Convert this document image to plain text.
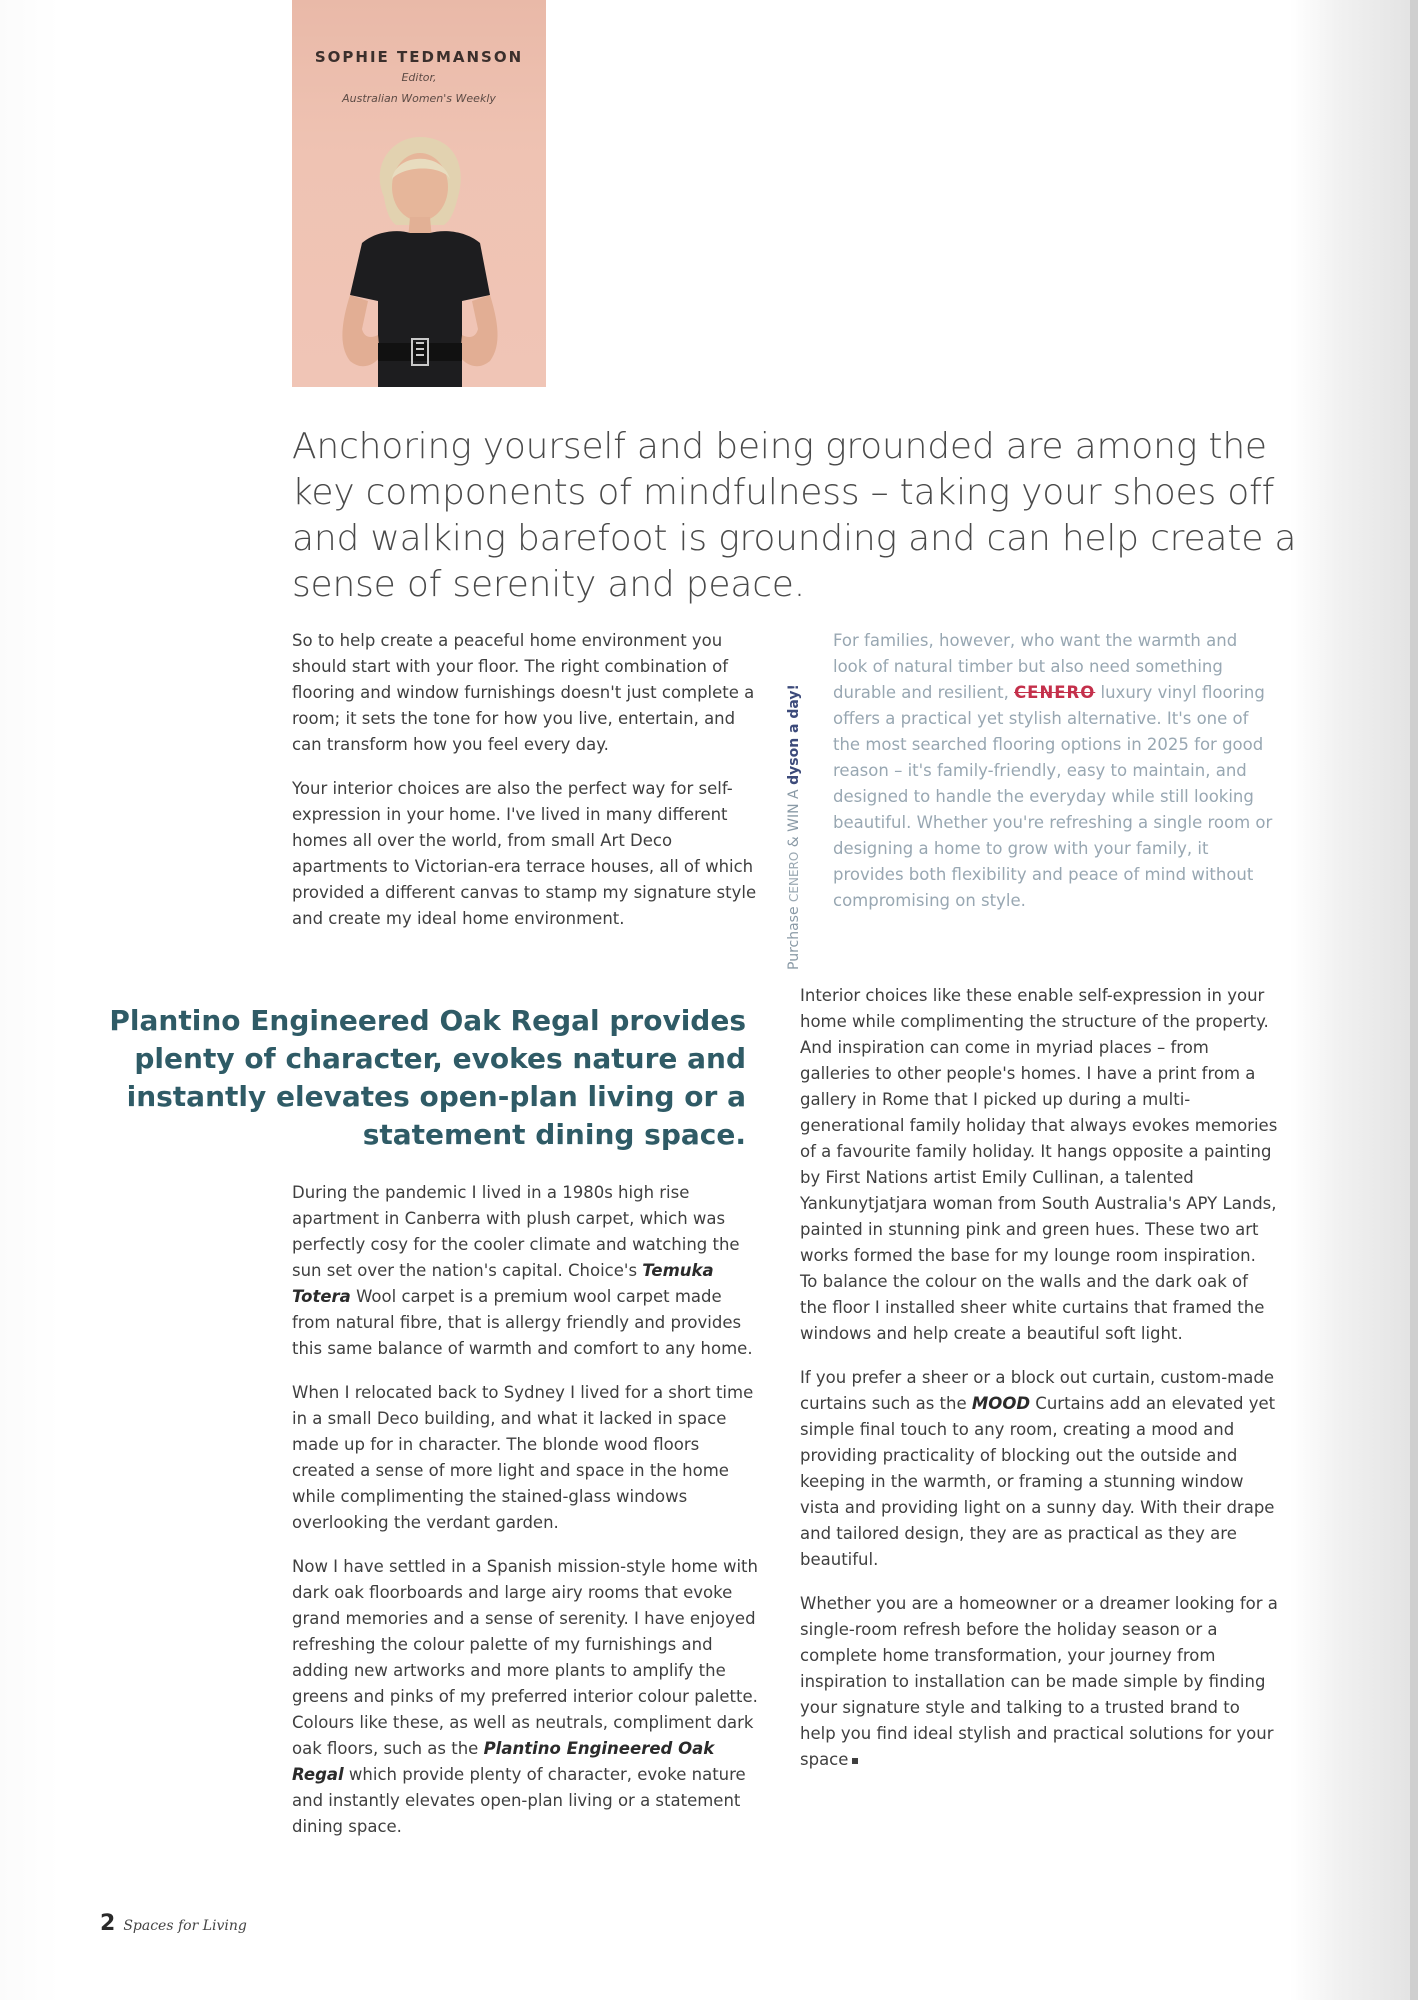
SOPHIE TEDMANSON
Editor,
Australian Women's Weekly

Anchoring yourself and being grounded are among the key components of mindfulness – taking your shoes off and walking barefoot is grounding and can help create a sense of serenity and peace.

So to help create a peaceful home environment you should start with your floor. The right combination of flooring and window furnishings doesn't just complete a room; it sets the tone for how you live, entertain, and can transform how you feel every day.

Your interior choices are also the perfect way for self-expression in your home. I've lived in many different homes all over the world, from small Art Deco apartments to Victorian-era terrace houses, all of which provided a different canvas to stamp my signature style and create my ideal home environment.

Plantino Engineered Oak Regal provides plenty of character, evokes nature and instantly elevates open-plan living or a statement dining space.

During the pandemic I lived in a 1980s high rise apartment in Canberra with plush carpet, which was perfectly cosy for the cooler climate and watching the sun set over the nation's capital. Choice's Temuka Totera Wool carpet is a premium wool carpet made from natural fibre, that is allergy friendly and provides this same balance of warmth and comfort to any home.

When I relocated back to Sydney I lived for a short time in a small Deco building, and what it lacked in space made up for in character. The blonde wood floors created a sense of more light and space in the home while complimenting the stained-glass windows overlooking the verdant garden.

Now I have settled in a Spanish mission-style home with dark oak floorboards and large airy rooms that evoke grand memories and a sense of serenity. I have enjoyed refreshing the colour palette of my furnishings and adding new artworks and more plants to amplify the greens and pinks of my preferred interior colour palette. Colours like these, as well as neutrals, compliment dark oak floors, such as the Plantino Engineered Oak Regal which provide plenty of character, evoke nature and instantly elevates open-plan living or a statement dining space.

Purchase CENERO & WIN A dyson a day!

For families, however, who want the warmth and look of natural timber but also need something durable and resilient, CENERO luxury vinyl flooring offers a practical yet stylish alternative. It's one of the most searched flooring options in 2025 for good reason – it's family-friendly, easy to maintain, and designed to handle the everyday while still looking beautiful. Whether you're refreshing a single room or designing a home to grow with your family, it provides both flexibility and peace of mind without compromising on style.

Interior choices like these enable self-expression in your home while complimenting the structure of the property. And inspiration can come in myriad places – from galleries to other people's homes. I have a print from a gallery in Rome that I picked up during a multi-generational family holiday that always evokes memories of a favourite family holiday. It hangs opposite a painting by First Nations artist Emily Cullinan, a talented Yankunytjatjara woman from South Australia's APY Lands, painted in stunning pink and green hues. These two art works formed the base for my lounge room inspiration. To balance the colour on the walls and the dark oak of the floor I installed sheer white curtains that framed the windows and help create a beautiful soft light.

If you prefer a sheer or a block out curtain, custom-made curtains such as the MOOD Curtains add an elevated yet simple final touch to any room, creating a mood and providing practicality of blocking out the outside and keeping in the warmth, or framing a stunning window vista and providing light on a sunny day. With their drape and tailored design, they are as practical as they are beautiful.

Whether you are a homeowner or a dreamer looking for a single-room refresh before the holiday season or a complete home transformation, your journey from inspiration to installation can be made simple by finding your signature style and talking to a trusted brand to help you find ideal stylish and practical solutions for your space

2 Spaces for Living
